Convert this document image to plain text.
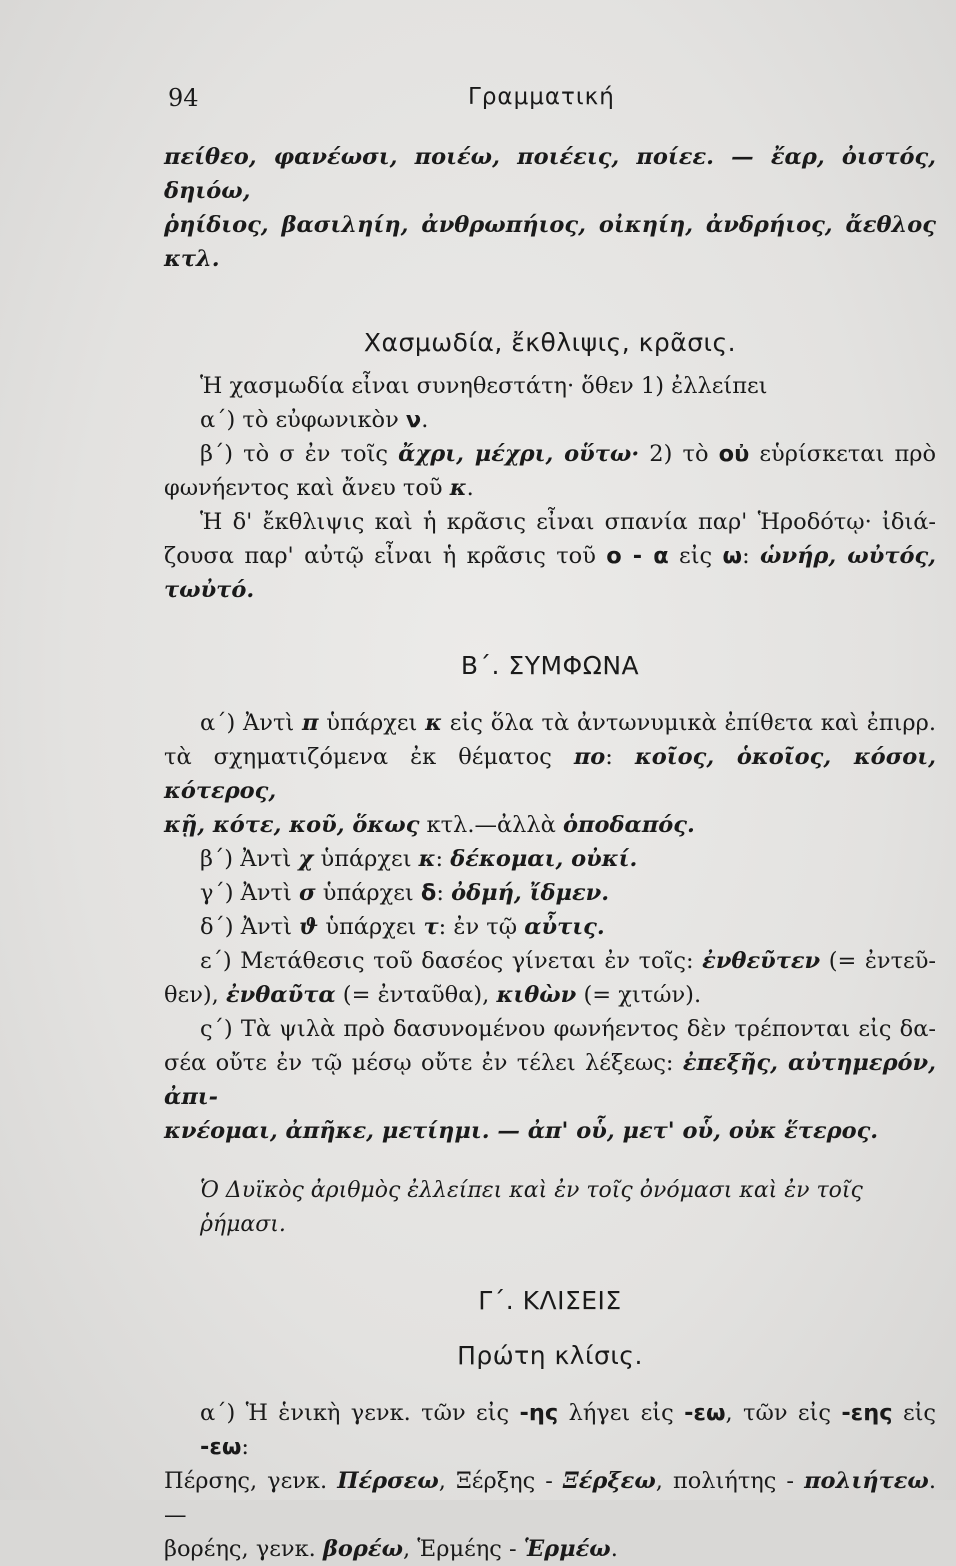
94	Γραμματική
πείθεο, φανέωσι, ποιέω, ποιέεις, ποίεε. — ἔαρ, ὀιστός, δηιόω,
ῥηίδιος, βασιληίη, ἀνθρωπήιος, οἰκηίη, ἀνδρήιος, ἄεθλος κτλ.
Χασμωδία, ἔκθλιψις, κρᾶσις.
Ἡ χασμωδία εἶναι συνηθεστάτη· ὅθεν 1) ἐλλείπει
α΄) τὸ εὐφωνικὸν ν.
β΄) τὸ σ ἐν τοῖς ἄχρι, μέχρι, οὕτω· 2) τὸ οὐ εὑρίσκεται πρὸ
φωνήεντος καὶ ἄνευ τοῦ κ.
Ἡ δ' ἔκθλιψις καὶ ἡ κρᾶσις εἶναι σπανία παρ' Ἡροδότῳ· ἰδιά-
ζουσα παρ' αὐτῷ εἶναι ἡ κρᾶσις τοῦ ο - α εἰς ω: ὡνήρ, ωὐτός, τωὐτό.
Β΄. ΣΥΜΦΩΝΑ
α΄) Ἀντὶ π ὑπάρχει κ εἰς ὅλα τὰ ἀντωνυμικὰ ἐπίθετα καὶ ἐπιρρ.
τὰ σχηματιζόμενα ἐκ θέματος πο: κοῖος, ὁκοῖος, κόσοι, κότερος,
κῇ, κότε, κοῦ, ὅκως κτλ.—ἀλλὰ ὁποδαπός.
β΄) Ἀντὶ χ ὑπάρχει κ: δέκομαι, οὐκί.
γ΄) Ἀντὶ σ ὑπάρχει δ: ὀδμή, ἴδμεν.
δ΄) Ἀντὶ ϑ ὑπάρχει τ: ἐν τῷ αὖτις.
ε΄) Μετάθεσις τοῦ δασέος γίνεται ἐν τοῖς: ἐνθεῦτεν (= ἐντεῦ-
θεν), ἐνθαῦτα (= ἐνταῦθα), κιθὼν (= χιτών).
ς΄) Τὰ ψιλὰ πρὸ δασυνομένου φωνήεντος δὲν τρέπονται εἰς δα-
σέα οὔτε ἐν τῷ μέσῳ οὔτε ἐν τέλει λέξεως: ἐπεξῆς, αὐτημερόν, ἀπι-
κνέομαι, ἀπῆκε, μετίημι. — ἀπ' οὗ, μετ' οὗ, οὐκ ἕτερος.
Ὁ Δυϊκὸς ἀριθμὸς ἐλλείπει καὶ ἐν τοῖς ὀνόμασι καὶ ἐν τοῖς ῥήμασι.
Γ΄. ΚΛΙΣΕΙΣ
Πρώτη κλίσις.
α΄) Ἡ ἑνικὴ γενκ. τῶν εἰς -ης λήγει εἰς -εω, τῶν εἰς -εης εἰς -εω:
Πέρσης, γενκ. Πέρσεω, Ξέρξης - Ξέρξεω, πολιήτης - πολιήτεω. —
βορέης, γενκ. βορέω, Ἑρμέης - Ἑρμέω.
